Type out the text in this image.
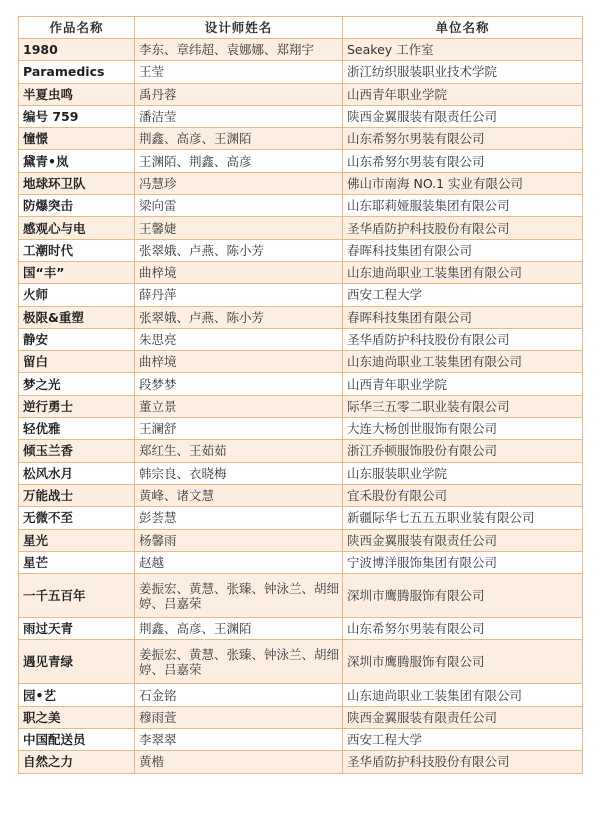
作品名称	设计师姓名	单位名称
1980	李东、章纬超、袁娜娜、郑翔宇	Seakey 工作室
Paramedics	王莹	浙江纺织服装职业技术学院
半夏虫鸣	禹丹蓉	山西青年职业学院
编号 759	潘洁莹	陕西金翼服装有限责任公司
憧憬	荆鑫、高彦、王渊陌	山东希努尔男装有限公司
黛青•岚	王渊陌、荆鑫、高彦	山东希努尔男装有限公司
地球环卫队	冯慧珍	佛山市南海 NO.1 实业有限公司
防爆突击	梁向雷	山东耶莉娅服装集团有限公司
感观心与电	王馨婕	圣华盾防护科技股份有限公司
工潮时代	张翠娥、卢燕、陈小芳	春晖科技集团有限公司
国“丰”	曲梓境	山东迪尚职业工装集团有限公司
火师	薛丹萍	西安工程大学
极限&重塑	张翠娥、卢燕、陈小芳	春晖科技集团有限公司
静安	朱思亮	圣华盾防护科技股份有限公司
留白	曲梓境	山东迪尚职业工装集团有限公司
梦之光	段梦梦	山西青年职业学院
逆行勇士	董立景	际华三五零二职业装有限公司
轻优雅	王澜舒	大连大杨创世服饰有限公司
倾玉兰香	郑红生、王茹茹	浙江乔顿服饰股份有限公司
松风水月	韩宗良、衣晓梅	山东服装职业学院
万能战士	黄峰、诸文慧	宜禾股份有限公司
无微不至	彭荟慧	新疆际华七五五五职业装有限公司
星光	杨馨雨	陕西金翼服装有限责任公司
星芒	赵越	宁波博洋服饰集团有限公司
一千五百年	姜振宏、黄慧、张臻、钟泳兰、胡细婷、吕嘉荣	深圳市鹰腾服饰有限公司
雨过天青	荆鑫、高彦、王渊陌	山东希努尔男装有限公司
遇见青绿	姜振宏、黄慧、张臻、钟泳兰、胡细婷、吕嘉荣	深圳市鹰腾服饰有限公司
园•艺	石金铭	山东迪尚职业工装集团有限公司
职之美	穆雨萱	陕西金翼服装有限责任公司
中国配送员	李翠翠	西安工程大学
自然之力	黄楷	圣华盾防护科技股份有限公司
